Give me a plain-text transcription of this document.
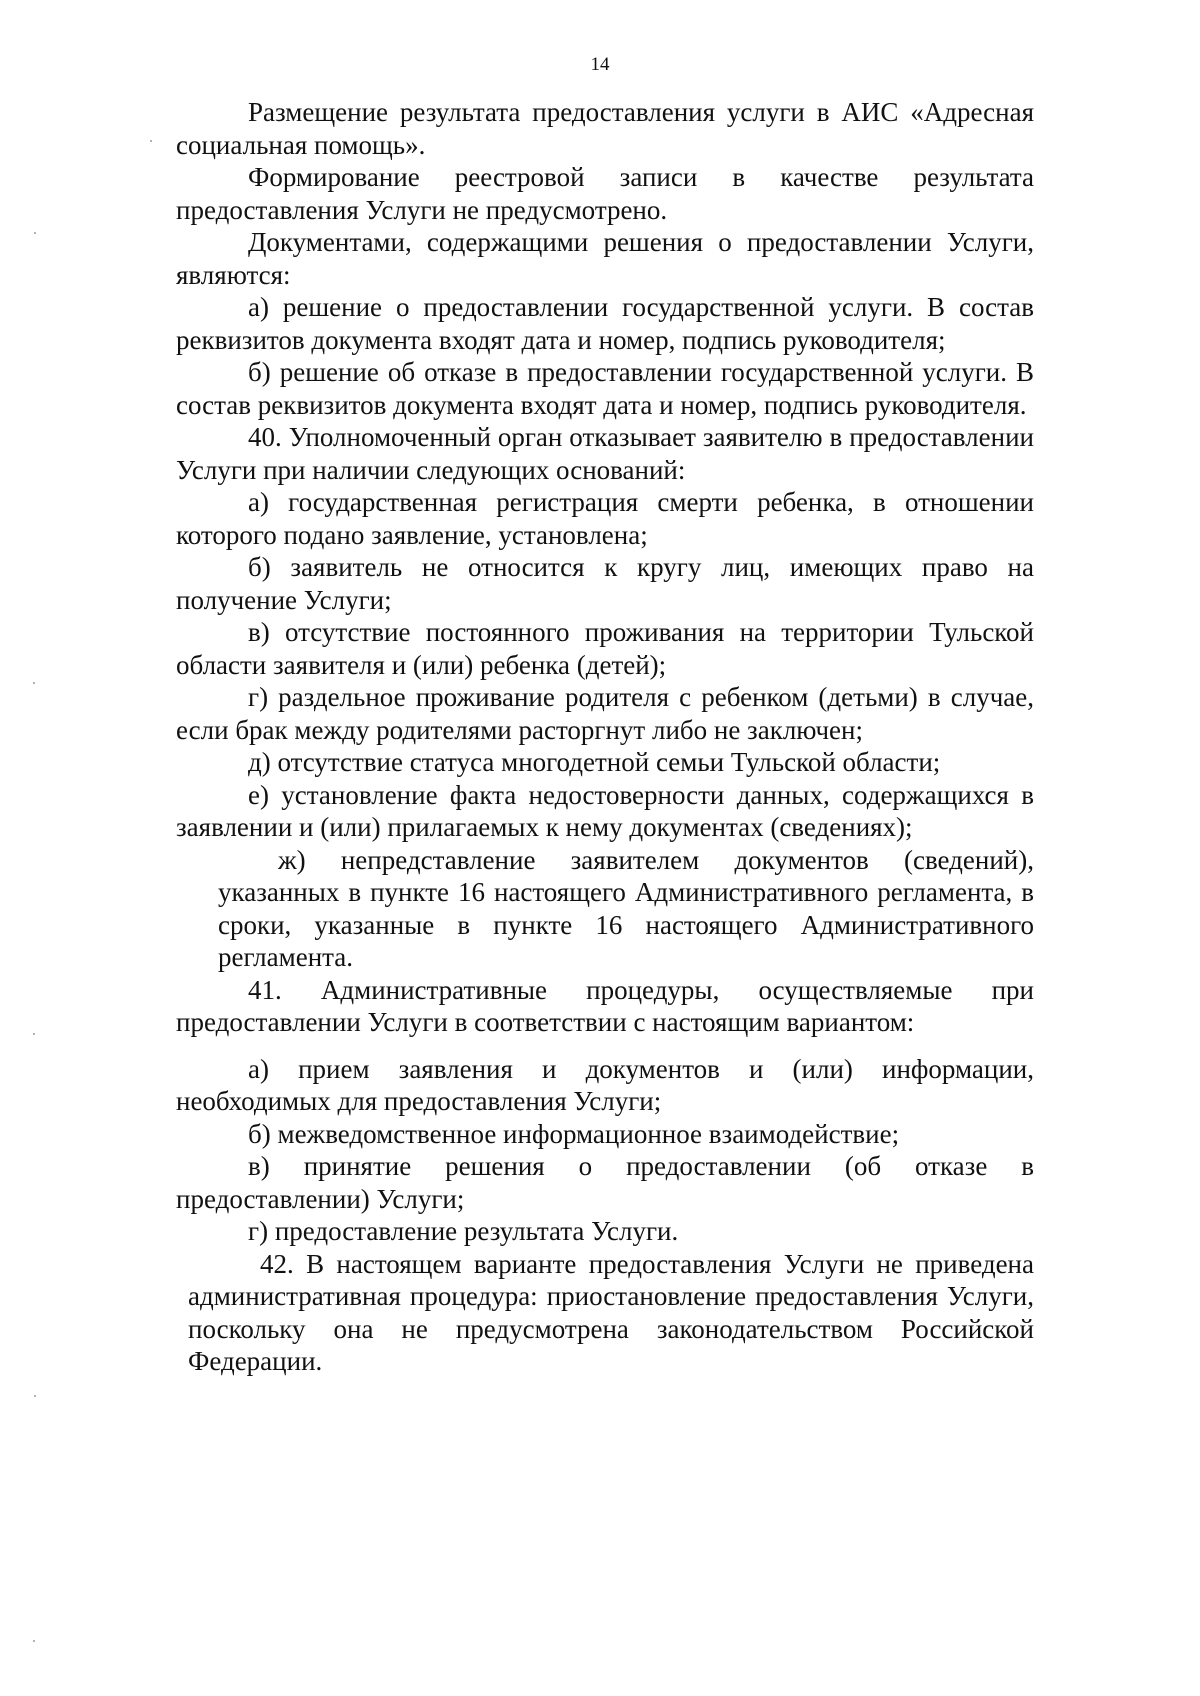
14

Размещение результата предоставления услуги в АИС «Адресная социальная помощь».

Формирование реестровой записи в качестве результата предоставления Услуги не предусмотрено.

Документами, содержащими решения о предоставлении Услуги, являются:

а) решение о предоставлении государственной услуги. В состав реквизитов документа входят дата и номер, подпись руководителя;

б) решение об отказе в предоставлении государственной услуги. В состав реквизитов документа входят дата и номер, подпись руководителя.

40. Уполномоченный орган отказывает заявителю в предоставлении Услуги при наличии следующих оснований:

а) государственная регистрация смерти ребенка, в отношении которого подано заявление, установлена;

б) заявитель не относится к кругу лиц, имеющих право на получение Услуги;

в) отсутствие постоянного проживания на территории Тульской области заявителя и (или) ребенка (детей);

г) раздельное проживание родителя с ребенком (детьми) в случае, если брак между родителями расторгнут либо не заключен;

д) отсутствие статуса многодетной семьи Тульской области;

е) установление факта недостоверности данных, содержащихся в заявлении и (или) прилагаемых к нему документах (сведениях);

ж) непредставление заявителем документов (сведений), указанных в пункте 16 настоящего Административного регламента, в сроки, указанные в пункте 16 настоящего Административного регламента.

41. Административные процедуры, осуществляемые при предоставлении Услуги в соответствии с настоящим вариантом:

а) прием заявления и документов и (или) информации, необходимых для предоставления Услуги;

б) межведомственное информационное взаимодействие;

в) принятие решения о предоставлении (об отказе в предоставлении) Услуги;

г) предоставление результата Услуги.

42. В настоящем варианте предоставления Услуги не приведена административная процедура: приостановление предоставления Услуги, поскольку она не предусмотрена законодательством Российской Федерации.
